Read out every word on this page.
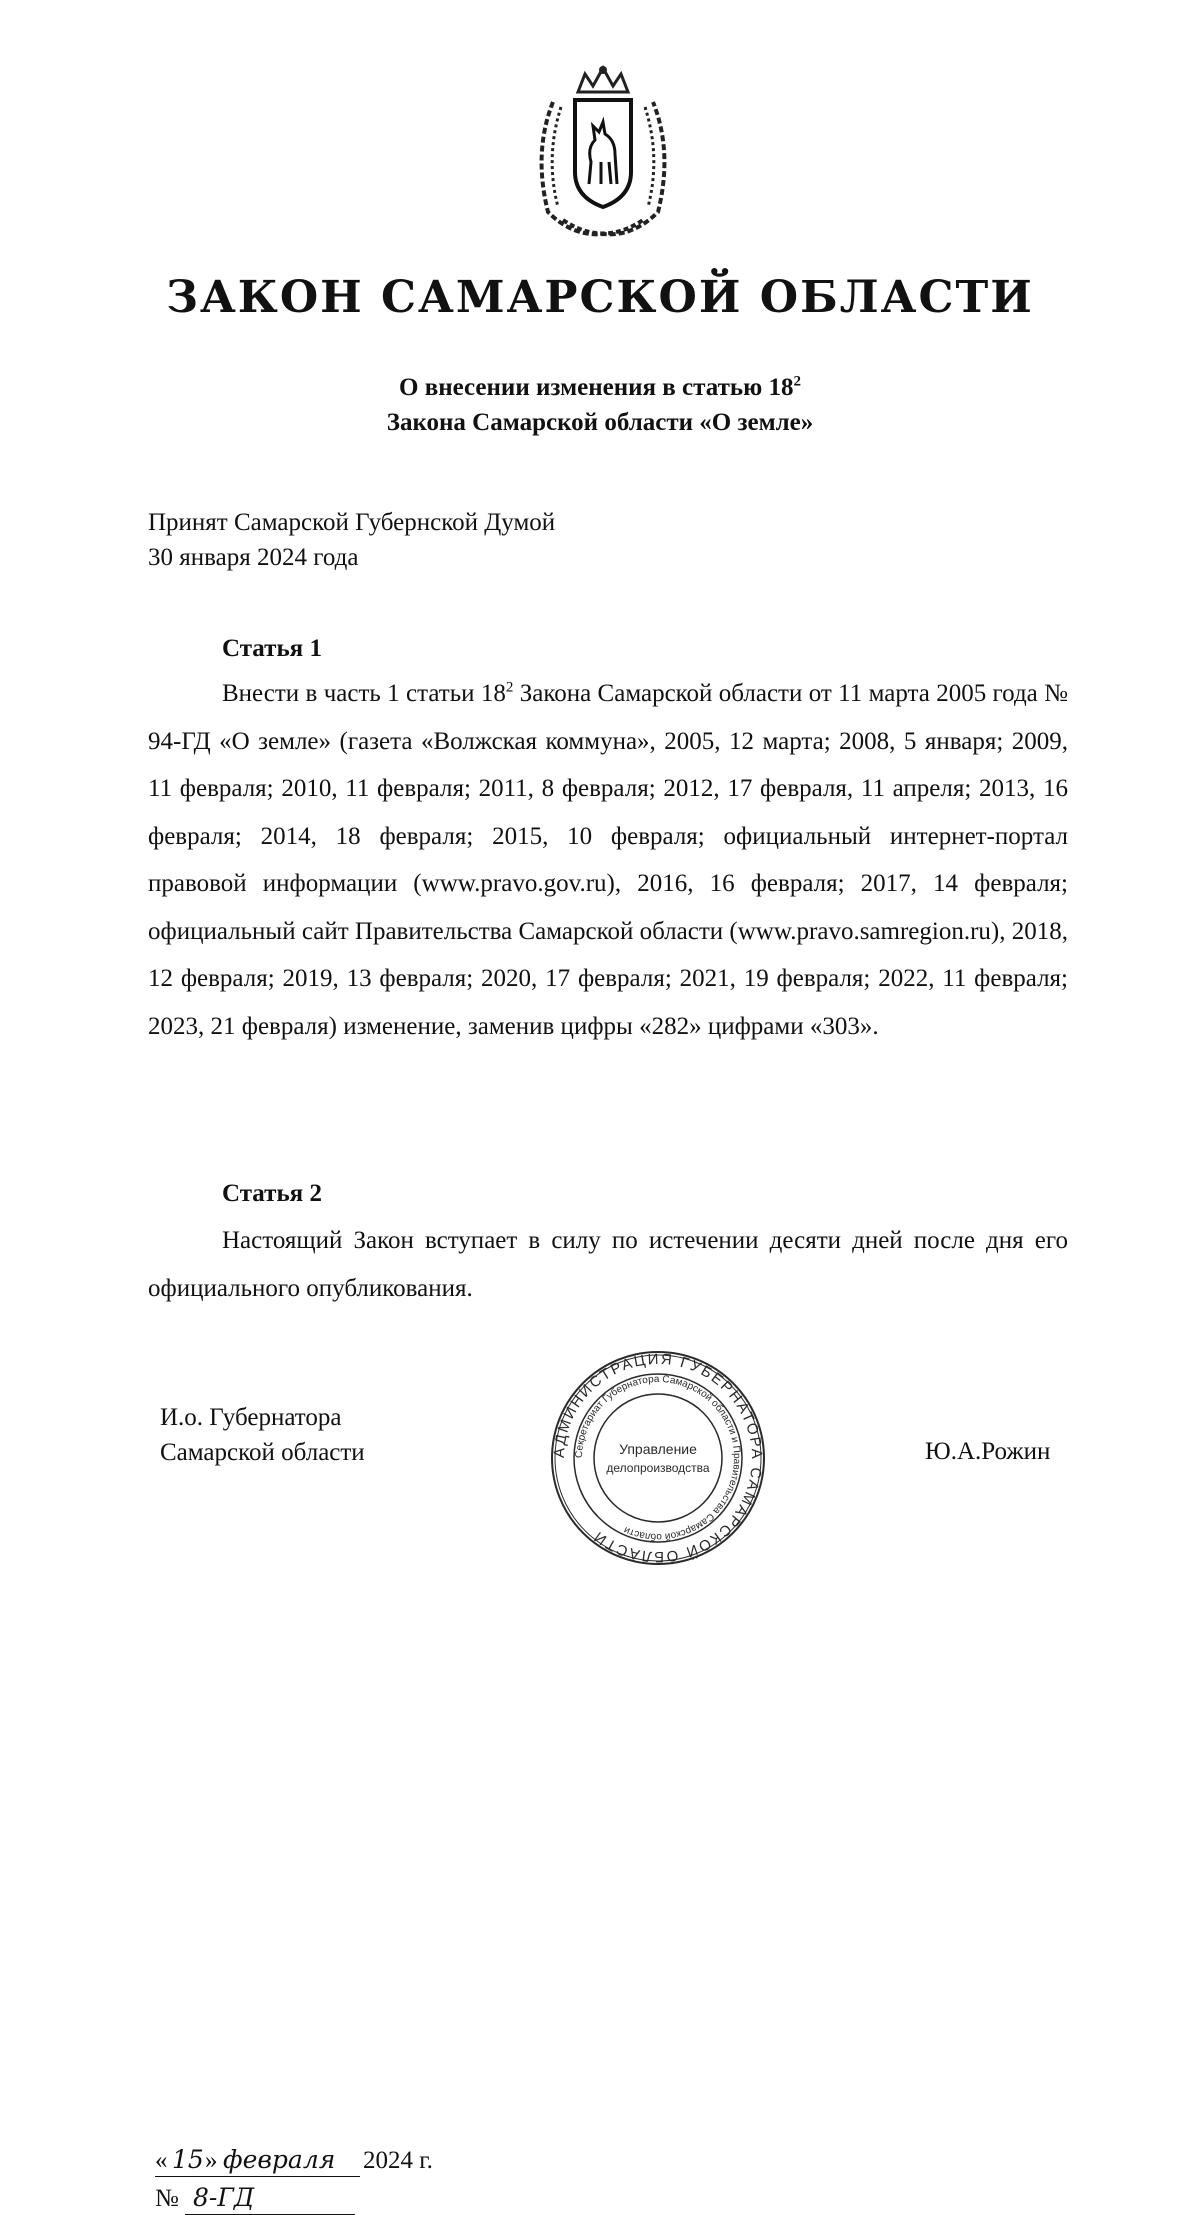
ЗАКОН САМАРСКОЙ ОБЛАСТИ
О внесении изменения в статью $18^2$
Закона Самарской области «О земле»
Принят Самарской Губернской Думой
30 января 2024 года
Статья 1

Внести в часть 1 статьи $18^2$ Закона Самарской области от 11 марта 2005 года № 94-ГД «О земле» (газета «Волжская коммуна», 2005, 12 марта; 2008, 5 января; 2009, 11 февраля; 2010, 11 февраля; 2011, 8 февраля; 2012, 17 февраля, 11 апреля; 2013, 16 февраля; 2014, 18 февраля; 2015, 10 февраля; официальный интернет-портал правовой информации (www.pravo.gov.ru), 2016, 16 февраля; 2017, 14 февраля; официальный сайт Правительства Самарской области (www.pravo.samregion.ru), 2018, 12 февраля; 2019, 13 февраля; 2020, 17 февраля; 2021, 19 февраля; 2022, 11 февраля; 2023, 21 февраля) изменение, заменив цифры «282» цифрами «303».

Статья 2

Настоящий Закон вступает в силу по истечении десяти дней после дня его официального опубликования.

И.о. Губернатора
Самарской области	АДМИНИСТРАЦИЯ ГУБЕРНАТОРА САМАРСКОЙ ОБЛАСТИ
Секретариат Губернатора Самарской области и Правительства Самарской области
Управление
делопроизводства
Ю.А.Рожин
« 15 » февраля 2024 г.
№ 8-ГД
